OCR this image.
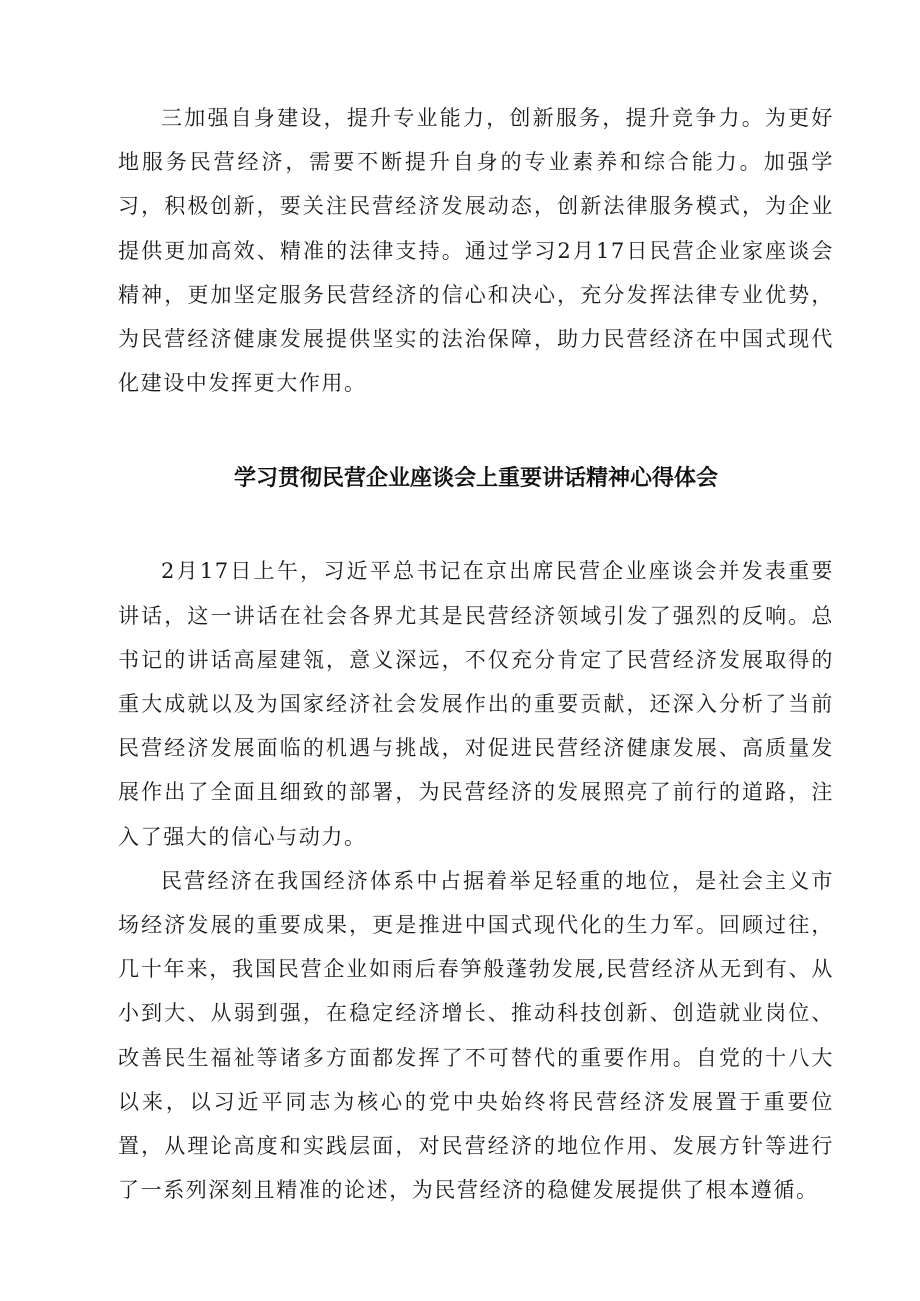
三加强自身建设，提升专业能力，创新服务，提升竞争力。为更好地服务民营经济，需要不断提升自身的专业素养和综合能力。加强学习，积极创新，要关注民营经济发展动态，创新法律服务模式，为企业提供更加高效、精准的法律支持。通过学习2月17日民营企业家座谈会精神，更加坚定服务民营经济的信心和决心，充分发挥法律专业优势，为民营经济健康发展提供坚实的法治保障，助力民营经济在中国式现代化建设中发挥更大作用。

学习贯彻民营企业座谈会上重要讲话精神心得体会

2月17日上午，习近平总书记在京出席民营企业座谈会并发表重要讲话，这一讲话在社会各界尤其是民营经济领域引发了强烈的反响。总书记的讲话高屋建瓴，意义深远，不仅充分肯定了民营经济发展取得的重大成就以及为国家经济社会发展作出的重要贡献，还深入分析了当前民营经济发展面临的机遇与挑战，对促进民营经济健康发展、高质量发展作出了全面且细致的部署，为民营经济的发展照亮了前行的道路，注入了强大的信心与动力。

民营经济在我国经济体系中占据着举足轻重的地位，是社会主义市场经济发展的重要成果，更是推进中国式现代化的生力军。回顾过往，几十年来，我国民营企业如雨后春笋般蓬勃发展,民营经济从无到有、从小到大、从弱到强，在稳定经济增长、推动科技创新、创造就业岗位、改善民生福祉等诸多方面都发挥了不可替代的重要作用。自党的十八大以来，以习近平同志为核心的党中央始终将民营经济发展置于重要位置，从理论高度和实践层面，对民营经济的地位作用、发展方针等进行了一系列深刻且精准的论述，为民营经济的稳健发展提供了根本遵循。
